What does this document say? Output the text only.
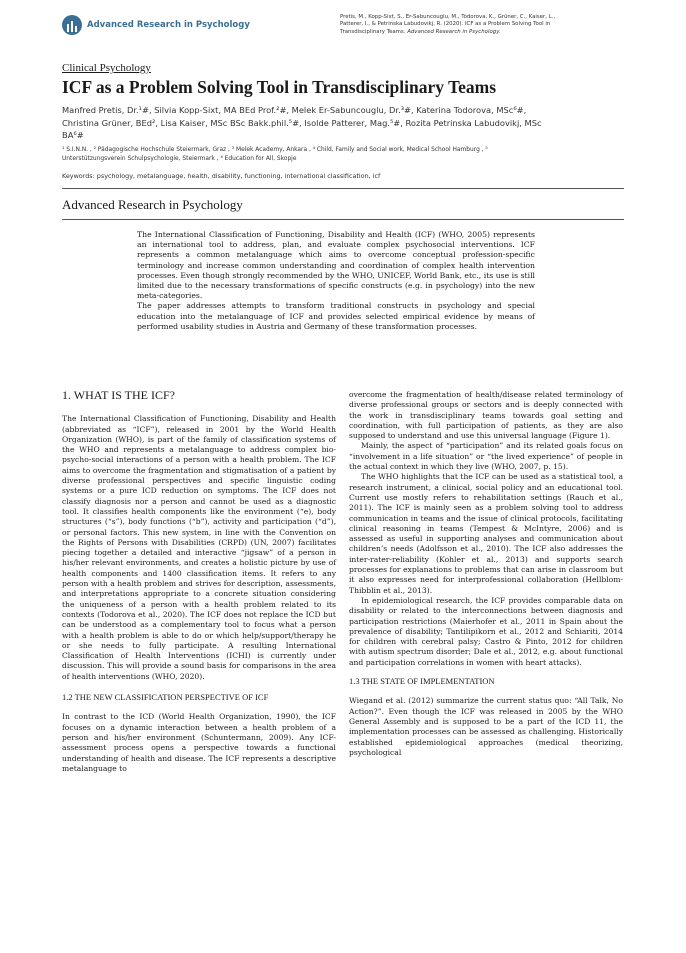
Advanced Research in Psychology
Pretis, M., Kopp-Sixt, S., Er-Sabuncouglu, M., Todorova, K., Grüner, C., Kaiser, L.,
Patterer, I., & Petrinska Labudovikj, R. (2020). ICF as a Problem Solving Tool in
Transdisciplinary Teams. Advanced Research in Psychology.
Clinical Psychology
ICF as a Problem Solving Tool in Transdisciplinary Teams
Manfred Pretis, Dr.¹#, Silvia Kopp-Sixt, MA BEd Prof.²#, Melek Er-Sabuncouglu, Dr.³#, Katerina Todorova, MSc⁶#,
Christina Grüner, BEd², Lisa Kaiser, MSc BSc Bakk.phil.⁵#, Isolde Patterer, Mag.⁵#, Rozita Petrinska Labudovikj, MSc
BA⁶#
¹ S.I.N.N. , ² Pädagogische Hochschule Steiermark, Graz , ³ Melek Academy, Ankara , ⁴ Child, Family and Social work, Medical School Hamburg , ⁵
Unterstützungsverein Schulpsychologie, Steiermark , ⁶ Education for All, Skopje
Keywords: psychology, metalanguage, health, disability, functioning, international classification, icf
Advanced Research in Psychology

The International Classification of Functioning, Disability and Health (ICF) (WHO, 2005) represents an international tool to address, plan, and evaluate complex psychosocial interventions. ICF represents a common metalanguage which aims to overcome conceptual profession-specific terminology and increase common understanding and coordination of complex health intervention processes. Even though strongly recommended by the WHO, UNICEF, World Bank, etc., its use is still limited due to the necessary transformations of specific constructs (e.g. in psychology) into the new meta-categories.

The paper addresses attempts to transform traditional constructs in psychology and special education into the metalanguage of ICF and provides selected empirical evidence by means of performed usability studies in Austria and Germany of these transformation processes.

1. WHAT IS THE ICF?

The International Classification of Functioning, Disability and Health (abbreviated as “ICF”), released in 2001 by the World Health Organization (WHO), is part of the family of classification systems of the WHO and represents a metalanguage to address complex bio-psycho-social interactions of a person with a health problem. The ICF aims to overcome the fragmentation and stigmatisation of a patient by diverse professional perspectives and specific linguistic coding systems or a pure ICD reduction on symptoms. The ICF does not classify diagnosis nor a person and cannot be used as a diagnostic tool. It classifies health components like the environment (“e), body structures (“s”), body functions (“b”), activity and participation (“d”), or personal factors. This new system, in line with the Convention on the Rights of Persons with Disabilities (CRPD) (UN, 2007) facilitates piecing together a detailed and interactive “jigsaw” of a person in his/her relevant environments, and creates a holistic picture by use of health components and 1400 classification items. It refers to any person with a health problem and strives for description, assessments, and interpretations appropriate to a concrete situation considering the uniqueness of a person with a health problem related to its contexts (Todorova et al., 2020). The ICF does not replace the ICD but can be understood as a complementary tool to focus what a person with a health problem is able to do or which help/support/therapy he or she needs to fully participate. A resulting International Classification of Health Interventions (ICHI) is currently under discussion. This will provide a sound basis for comparisons in the area of health interventions (WHO, 2020).

1.2 THE NEW CLASSIFICATION PERSPECTIVE OF ICF

In contrast to the ICD (World Health Organization, 1990), the ICF focuses on a dynamic interaction between a health problem of a person and his/her environment (Schuntermann, 2009). Any ICF-assessment process opens a perspective towards a functional understanding of health and disease. The ICF represents a descriptive metalanguage to

overcome the fragmentation of health/disease related terminology of diverse professional groups or sectors and is deeply connected with the work in transdisciplinary teams towards goal setting and coordination, with full participation of patients, as they are also supposed to understand and use this universal language (Figure 1).

Mainly, the aspect of “participation” and its related goals focus on “involvement in a life situation” or “the lived experience” of people in the actual context in which they live (WHO, 2007, p. 15).

The WHO highlights that the ICF can be used as a statistical tool, a research instrument, a clinical, social policy and an educational tool. Current use mostly refers to rehabilitation settings (Rauch et al., 2011). The ICF is mainly seen as a problem solving tool to address communication in teams and the issue of clinical protocols, facilitating clinical reasoning in teams (Tempest & McIntyre, 2006) and is assessed as useful in supporting analyses and communication about children’s needs (Adolfsson et al., 2010). The ICF also addresses the inter-rater-reliability (Kohler et al., 2013) and supports search processes for explanations to problems that can arise in classroom but it also expresses need for interprofessional collaboration (Hellblom-Thibblin et al., 2013).

In epidemiological research, the ICF provides comparable data on disability or related to the interconnections between diagnosis and participation restrictions (Maierhofer et al., 2011 in Spain about the prevalence of disability; Tantilipikorn et al., 2012 and Schiariti, 2014 for children with cerebral palsy; Castro & Pinto, 2012 for children with autism spectrum disorder; Dale et al., 2012, e.g. about functional and participation correlations in women with heart attacks).

1.3 THE STATE OF IMPLEMENTATION

Wiegand et al. (2012) summarize the current status quo: “All Talk, No Action?”. Even though the ICF was released in 2005 by the WHO General Assembly and is supposed to be a part of the ICD 11, the implementation processes can be assessed as challenging. Historically established epidemiological approaches (medical theorizing, psychological
